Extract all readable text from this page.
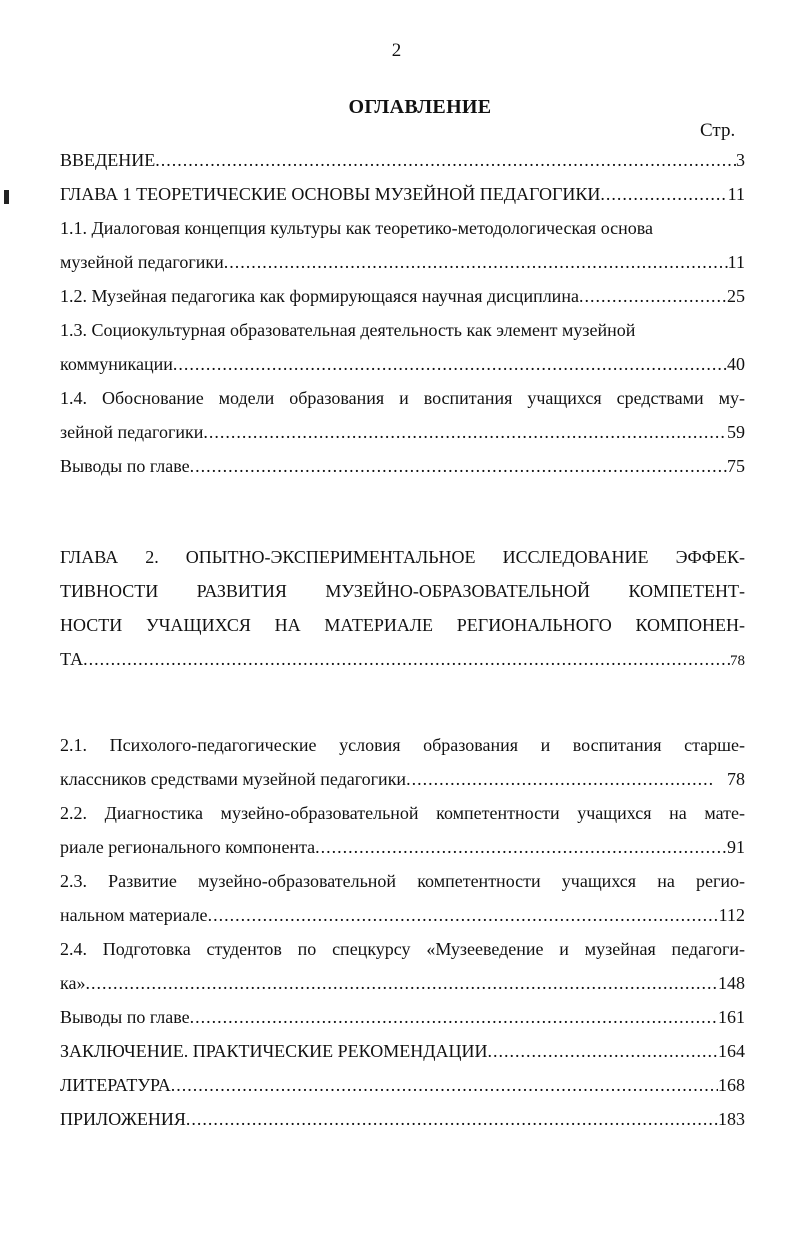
2
ОГЛАВЛЕНИЕ
Стр.
ВВЕДЕНИЕ .....	3
ГЛАВА 1 ТЕОРЕТИЧЕСКИЕ ОСНОВЫ МУЗЕЙНОЙ ПЕДАГОГИКИ .....	11
1.1. Диалоговая концепция культуры как теоретико-методологическая основа
музейной педагогики .....	11
1.2. Музейная педагогика как формирующаяся научная дисциплина .....	25
1.3. Социокультурная образовательная деятельность как элемент музейной
коммуникации .....	40
1.4. Обоснование модели образования и воспитания учащихся средствами му-
зейной педагогики .....	59
Выводы по главе .....	75
ГЛАВА 2. ОПЫТНО-ЭКСПЕРИМЕНТАЛЬНОЕ ИССЛЕДОВАНИЕ ЭФФЕК-
ТИВНОСТИ РАЗВИТИЯ МУЗЕЙНО-ОБРАЗОВАТЕЛЬНОЙ КОМПЕТЕНТ-
НОСТИ УЧАЩИХСЯ НА МАТЕРИАЛЕ РЕГИОНАЛЬНОГО КОМПОНЕН-
ТА .....	78
2.1. Психолого-педагогические условия образования и воспитания старше-
классников средствами музейной педагогики .....	78
2.2. Диагностика музейно-образовательной компетентности учащихся на мате-
риале регионального компонента .....	91
2.3. Развитие музейно-образовательной компетентности учащихся на регио-
нальном материале .....	112
2.4. Подготовка студентов по спецкурсу «Музееведение и музейная педагоги-
ка» .....	148
Выводы по главе .....	161
ЗАКЛЮЧЕНИЕ. ПРАКТИЧЕСКИЕ РЕКОМЕНДАЦИИ .....	164
ЛИТЕРАТУРА .....	168
ПРИЛОЖЕНИЯ .....	183
